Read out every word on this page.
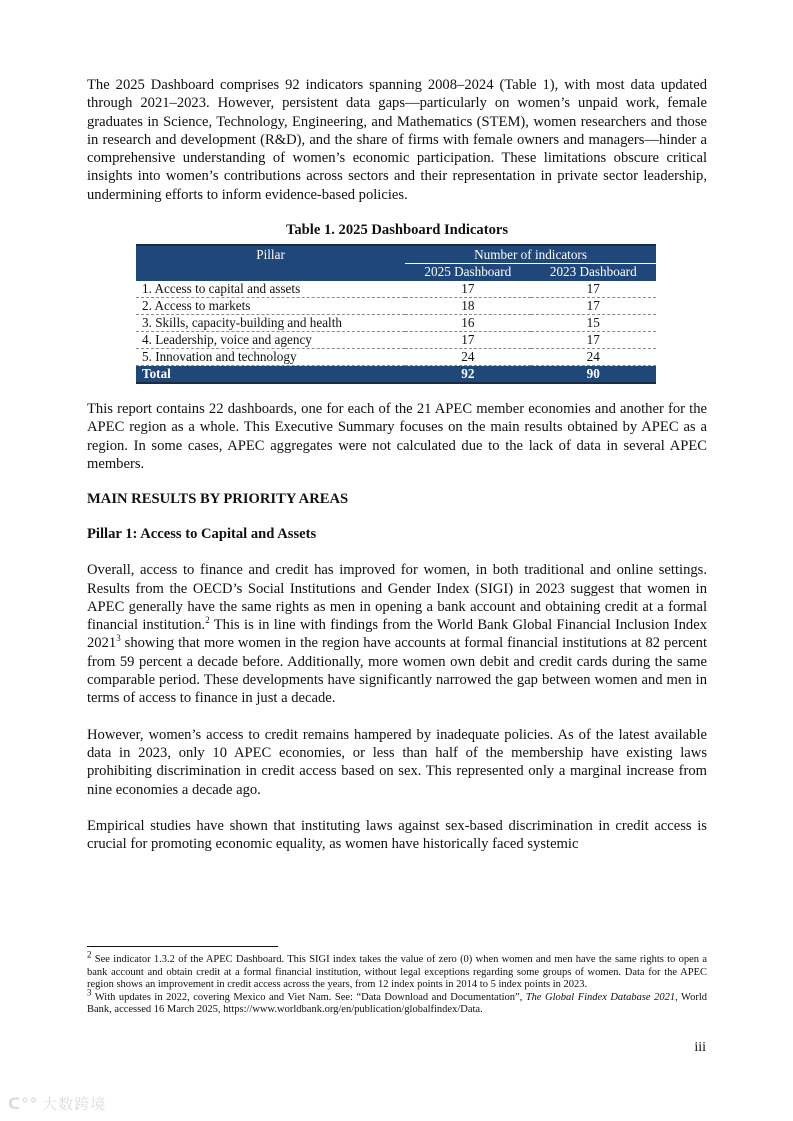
The 2025 Dashboard comprises 92 indicators spanning 2008–2024 (Table 1), with most data updated through 2021–2023. However, persistent data gaps—particularly on women’s unpaid work, female graduates in Science, Technology, Engineering, and Mathematics (STEM), women researchers and those in research and development (R&D), and the share of firms with female owners and managers—hinder a comprehensive understanding of women’s economic participation. These limitations obscure critical insights into women’s contributions across sectors and their representation in private sector leadership, undermining efforts to inform evidence-based policies.

Table 1. 2025 Dashboard Indicators

Pillar	Number of indicators	
	2025 Dashboard	2023 Dashboard
1. Access to capital and assets	17	17
2. Access to markets	18	17
3. Skills, capacity-building and health	16	15
4. Leadership, voice and agency	17	17
5. Innovation and technology	24	24
Total	92	90

This report contains 22 dashboards, one for each of the 21 APEC member economies and another for the APEC region as a whole. This Executive Summary focuses on the main results obtained by APEC as a region. In some cases, APEC aggregates were not calculated due to the lack of data in several APEC members.

MAIN RESULTS BY PRIORITY AREAS

Pillar 1: Access to Capital and Assets

Overall, access to finance and credit has improved for women, in both traditional and online settings. Results from the OECD’s Social Institutions and Gender Index (SIGI) in 2023 suggest that women in APEC generally have the same rights as men in opening a bank account and obtaining credit at a formal financial institution.$^2$ This is in line with findings from the World Bank Global Financial Inclusion Index 2021$^3$ showing that more women in the region have accounts at formal financial institutions at 82 percent from 59 percent a decade before. Additionally, more women own debit and credit cards during the same comparable period. These developments have significantly narrowed the gap between women and men in terms of access to finance in just a decade.

However, women’s access to credit remains hampered by inadequate policies. As of the latest available data in 2023, only 10 APEC economies, or less than half of the membership have existing laws prohibiting discrimination in credit access based on sex. This represented only a marginal increase from nine economies a decade ago.

Empirical studies have shown that instituting laws against sex-based discrimination in credit access is crucial for promoting economic equality, as women have historically faced systemic

$^2$ See indicator 1.3.2 of the APEC Dashboard. This SIGI index takes the value of zero (0) when women and men have the same rights to open a bank account and obtain credit at a formal financial institution, without legal exceptions regarding some groups of women. Data for the APEC region shows an improvement in credit access across the years, from 12 index points in 2014 to 5 index points in 2023.

$^3$ With updates in 2022, covering Mexico and Viet Nam. See: “Data Download and Documentation”, The Global Findex Database 2021, World Bank, accessed 16 March 2025, https://www.worldbank.org/en/publication/globalfindex/Data.

iii
ᑕ°° 大数跨境
